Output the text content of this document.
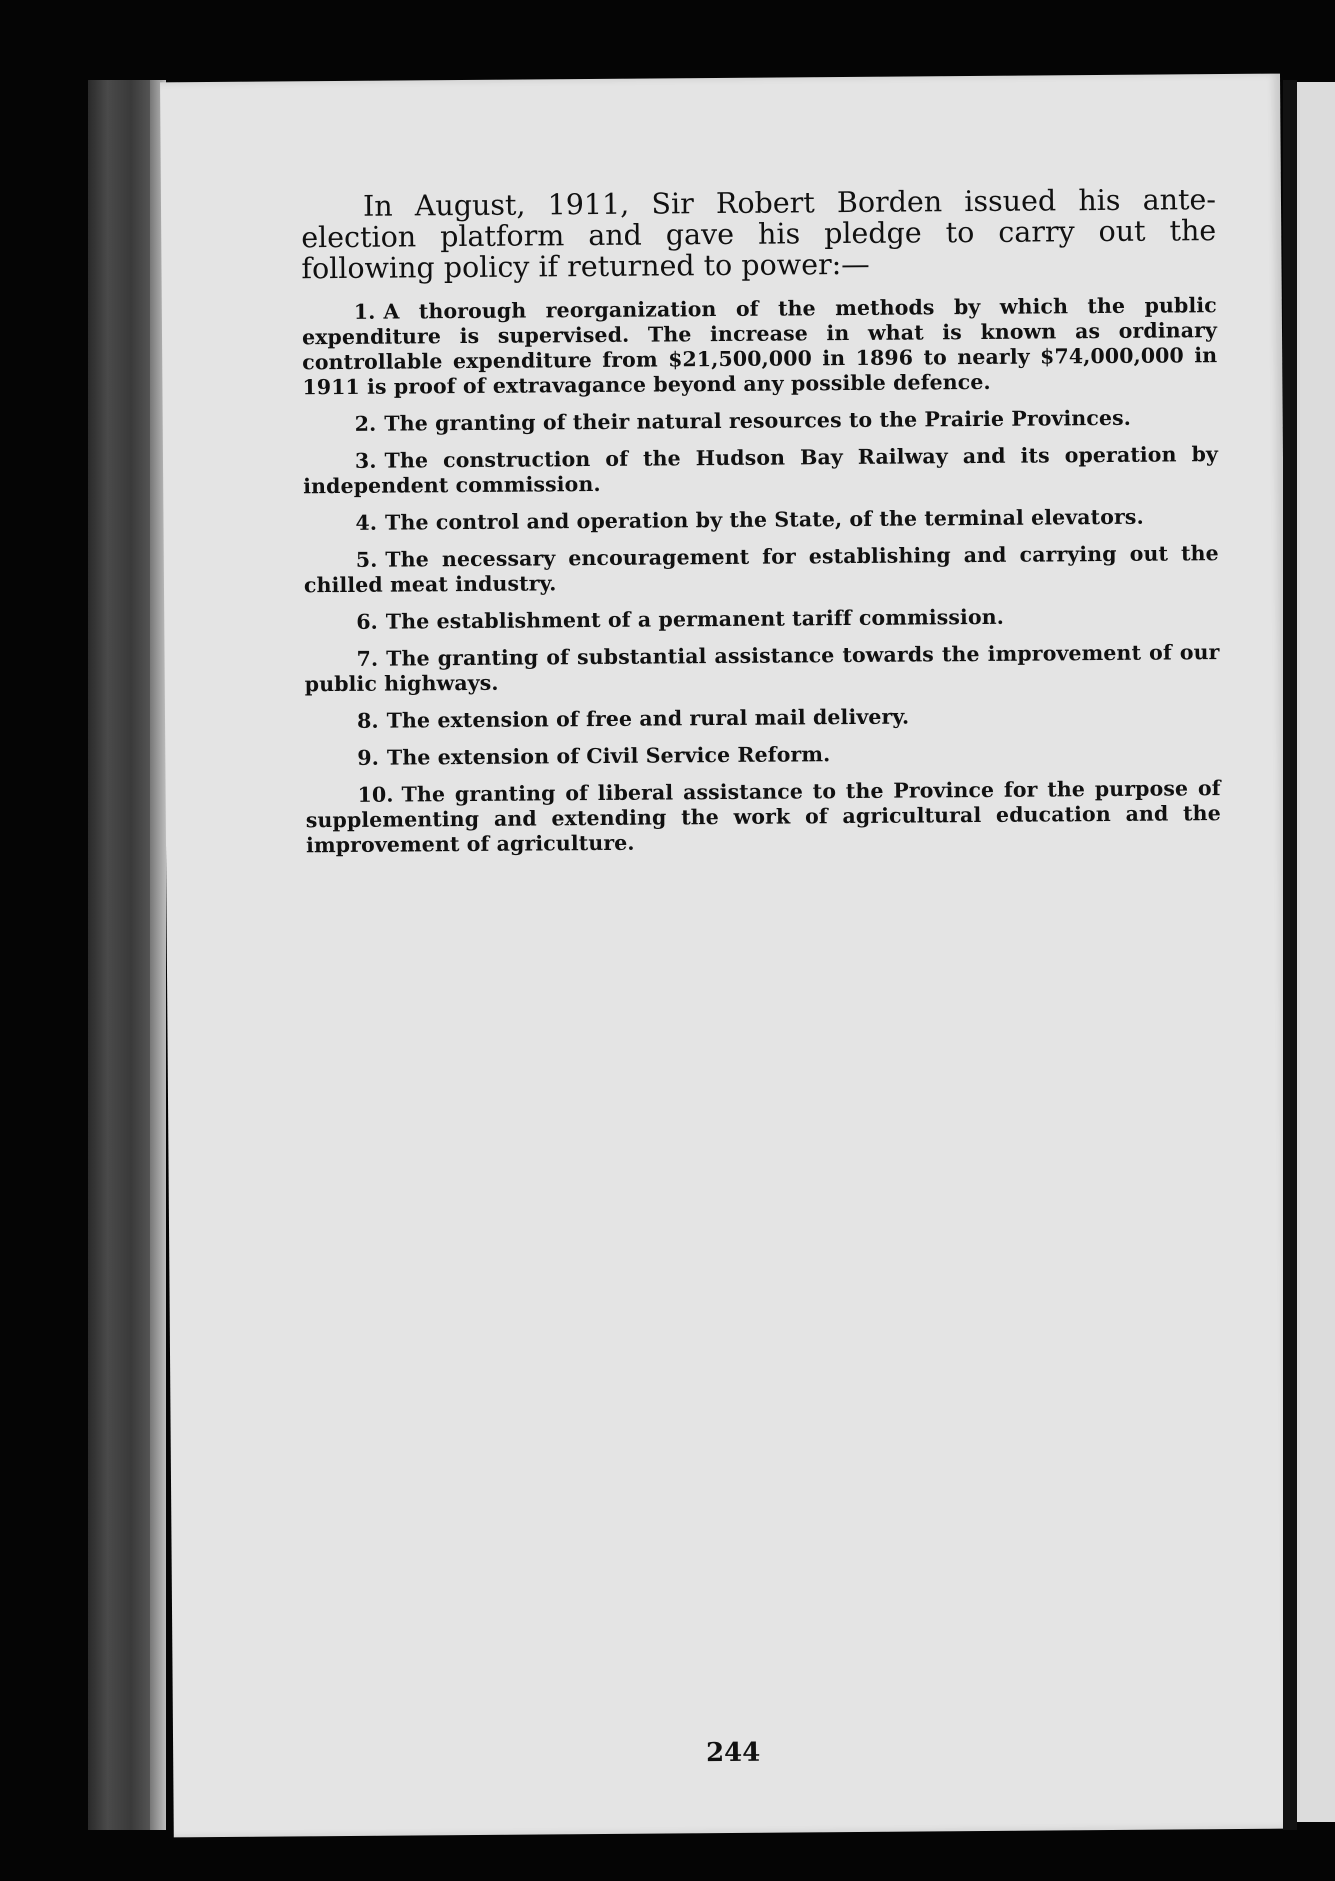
In August, 1911, Sir Robert Borden issued his ante-election platform and gave his pledge to carry out the following policy if returned to power:—

1. A thorough reorganization of the methods by which the public expenditure is supervised. The increase in what is known as ordinary controllable expenditure from $21,500,000 in 1896 to nearly $74,000,000 in 1911 is proof of extravagance beyond any possible defence.
2. The granting of their natural resources to the Prairie Provinces.
3. The construction of the Hudson Bay Railway and its operation by independent commission.
4. The control and operation by the State, of the terminal elevators.
5. The necessary encouragement for establishing and carrying out the chilled meat industry.
6. The establishment of a permanent tariff commission.
7. The granting of substantial assistance towards the improvement of our public highways.
8. The extension of free and rural mail delivery.
9. The extension of Civil Service Reform.
10. The granting of liberal assistance to the Province for the purpose of supplementing and extending the work of agricultural education and the improvement of agriculture.
244
